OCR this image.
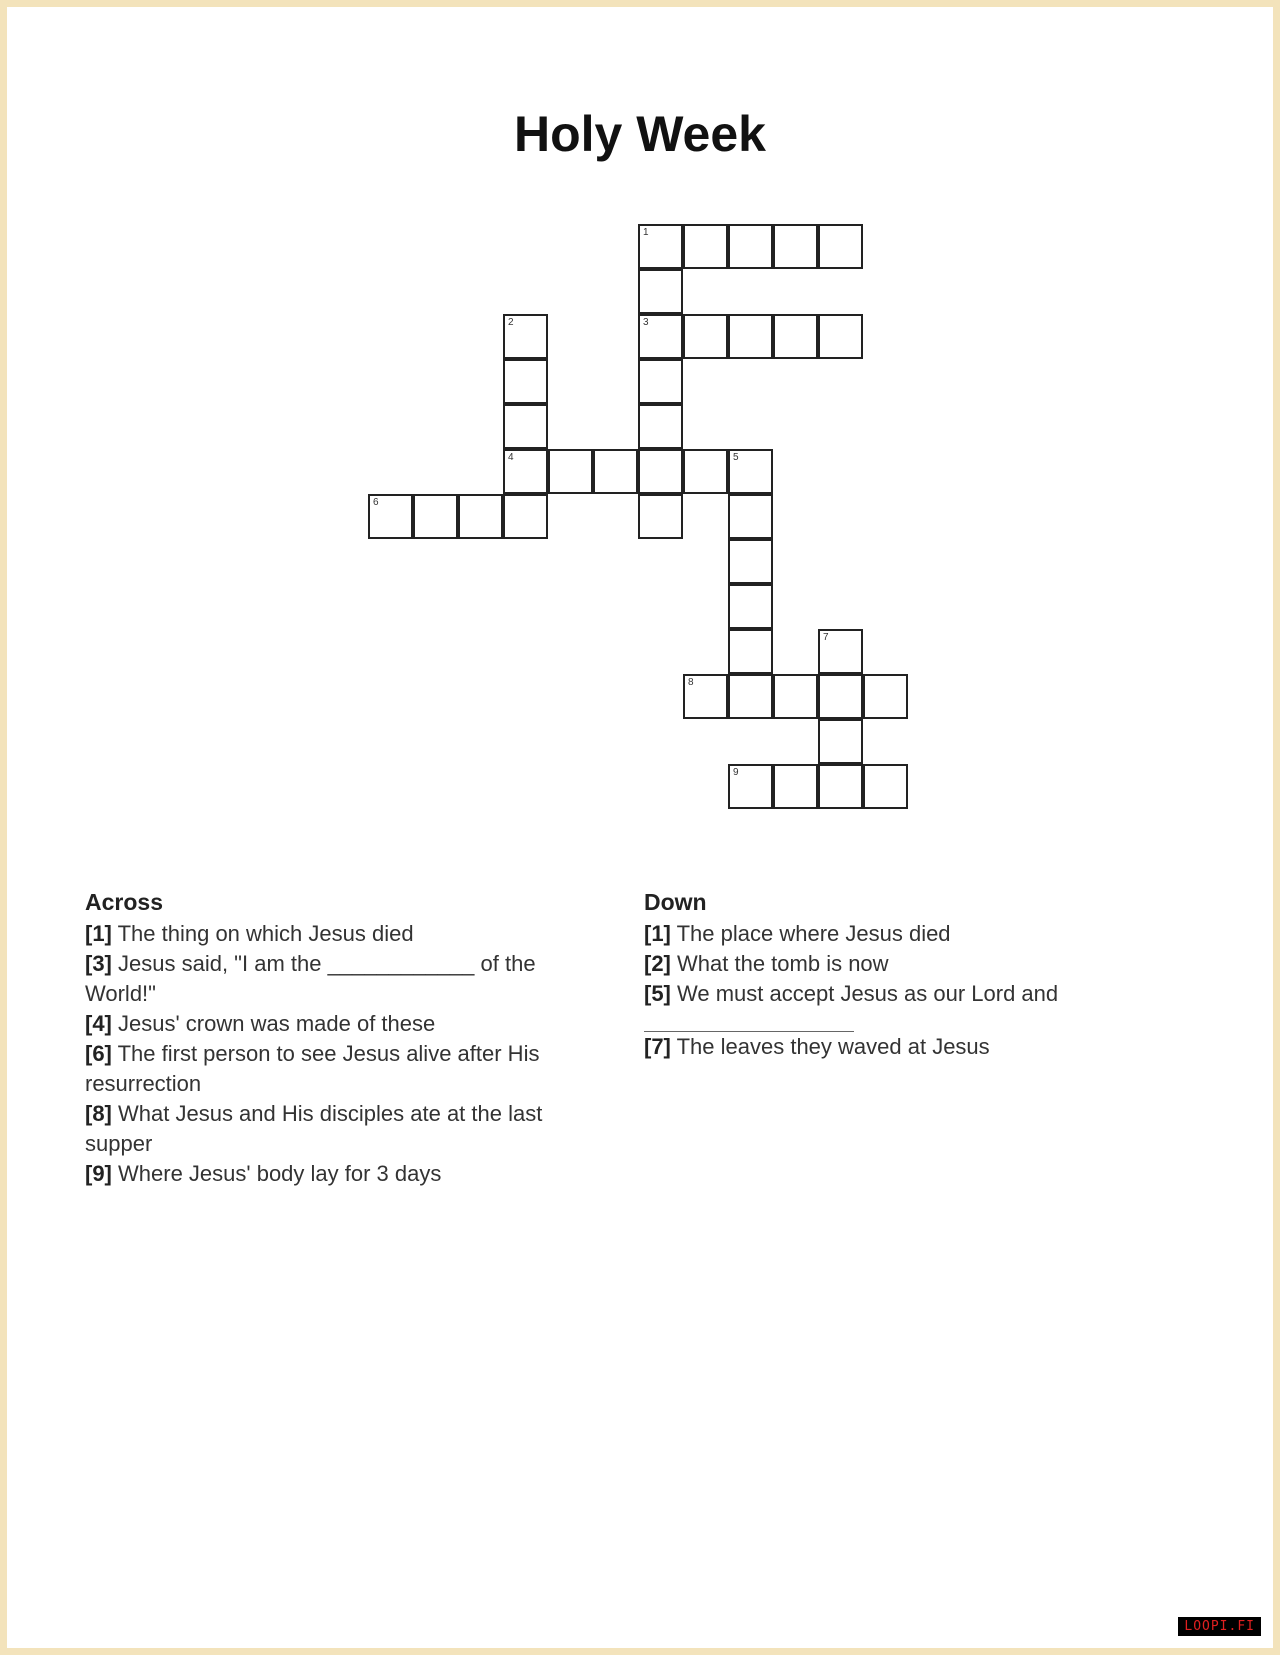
Holy Week
1
2	3
4	5
6
7
8
9
Across

[1] The thing on which Jesus died

[3] Jesus said, "I am the ____________ of the World!"

[4] Jesus' crown was made of these

[6] The first person to see Jesus alive after His resurrection

[8] What Jesus and His disciples ate at the last supper

[9] Where Jesus' body lay for 3 days

Down

[1] The place where Jesus died

[2] What the tomb is now

[5] We must accept Jesus as our Lord and

[7] The leaves they waved at Jesus

LOOPI.FI
